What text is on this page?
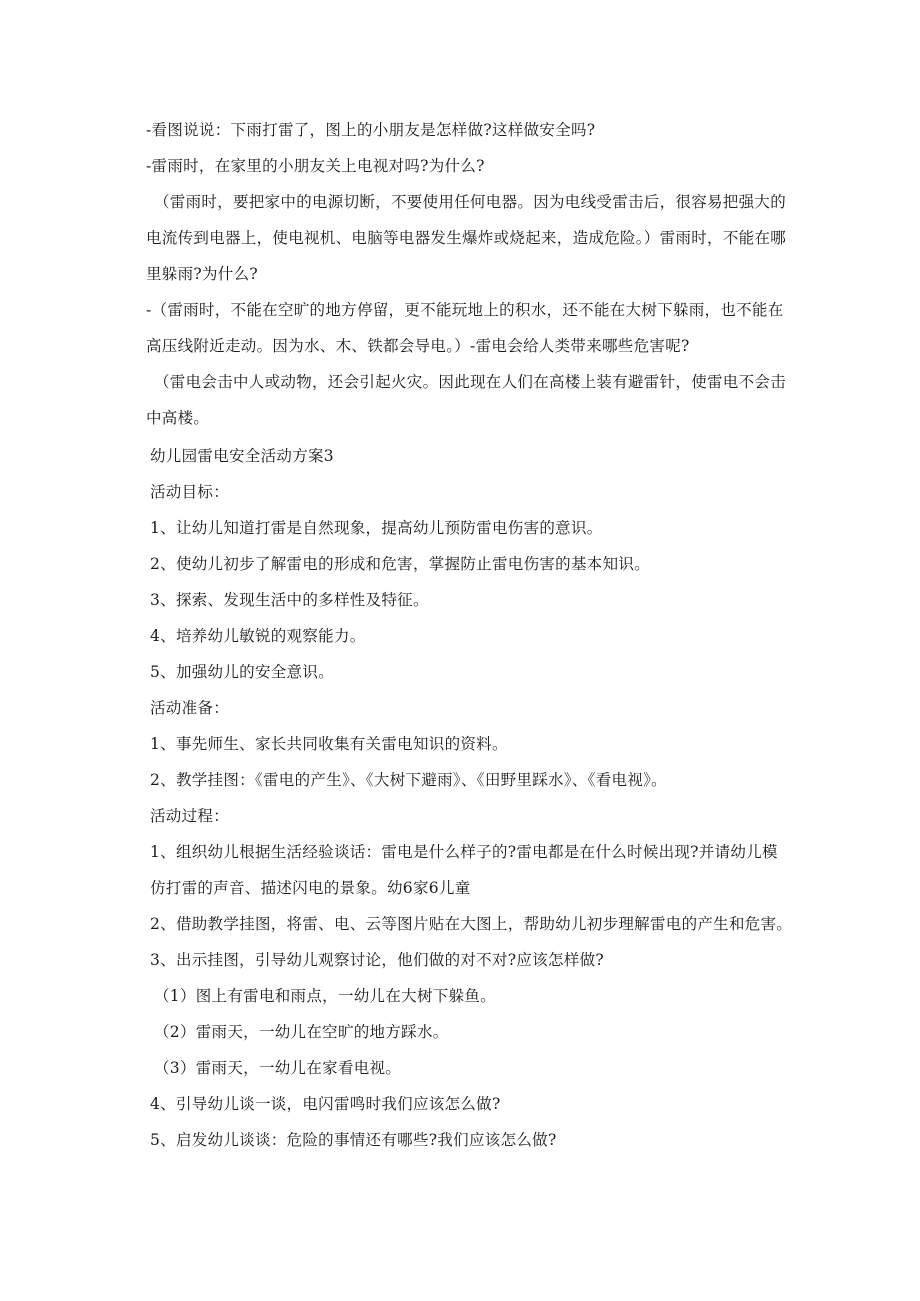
-看图说说：下雨打雷了，图上的小朋友是怎样做?这样做安全吗?
-雷雨时，在家里的小朋友关上电视对吗?为什么?
（雷雨时，要把家中的电源切断，不要使用任何电器。因为电线受雷击后，很容易把强大的电流传到电器上，使电视机、电脑等电器发生爆炸或烧起来，造成危险。）雷雨时，不能在哪里躲雨?为什么?
-（雷雨时，不能在空旷的地方停留，更不能玩地上的积水，还不能在大树下躲雨，也不能在高压线附近走动。因为水、木、铁都会导电。）-雷电会给人类带来哪些危害呢?
（雷电会击中人或动物，还会引起火灾。因此现在人们在高楼上装有避雷针，使雷电不会击中高楼。
幼儿园雷电安全活动方案3
活动目标：
1、让幼儿知道打雷是自然现象，提高幼儿预防雷电伤害的意识。
2、使幼儿初步了解雷电的形成和危害，掌握防止雷电伤害的基本知识。
3、探索、发现生活中的多样性及特征。
4、培养幼儿敏锐的观察能力。
5、加强幼儿的安全意识。
活动准备：
1、事先师生、家长共同收集有关雷电知识的资料。
2、教学挂图：《雷电的产生》、《大树下避雨》、《田野里踩水》、《看电视》。
活动过程：
1、组织幼儿根据生活经验谈话：雷电是什么样子的?雷电都是在什么时候出现?并请幼儿模仿打雷的声音、描述闪电的景象。幼6家6儿童
2、借助教学挂图，将雷、电、云等图片贴在大图上，帮助幼儿初步理解雷电的产生和危害。
3、出示挂图，引导幼儿观察讨论，他们做的对不对?应该怎样做?
（1）图上有雷电和雨点，一幼儿在大树下躲鱼。
（2）雷雨天，一幼儿在空旷的地方踩水。
（3）雷雨天，一幼儿在家看电视。
4、引导幼儿谈一谈，电闪雷鸣时我们应该怎么做?
5、启发幼儿谈谈：危险的事情还有哪些?我们应该怎么做?
